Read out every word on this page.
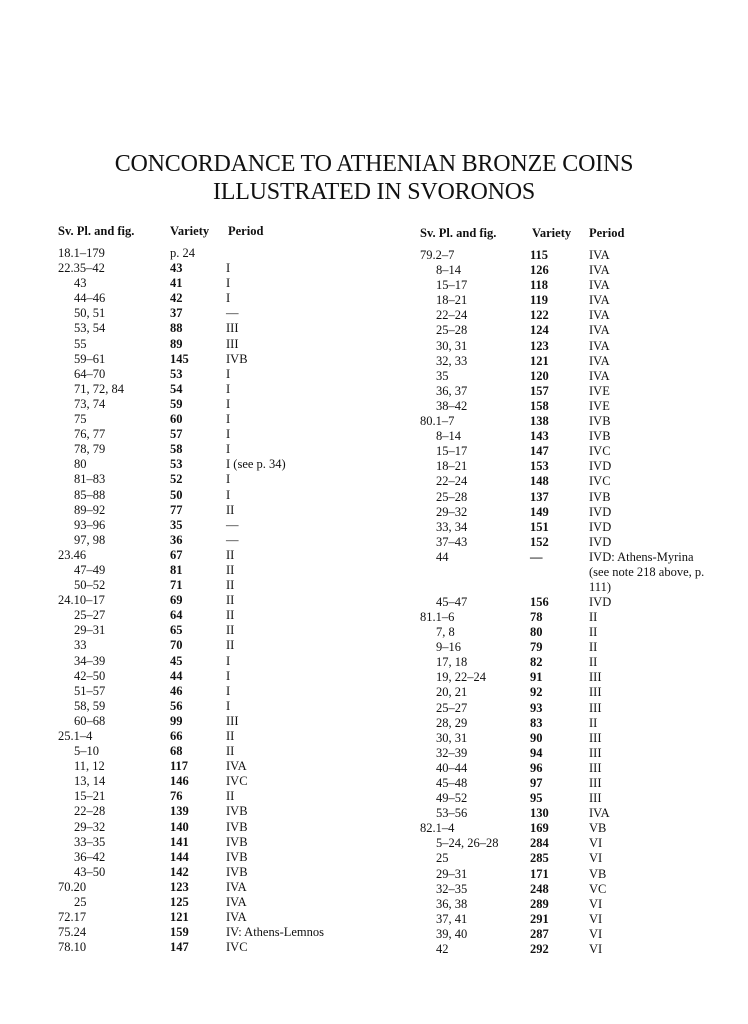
CONCORDANCE TO ATHENIAN BRONZE COINS
ILLUSTRATED IN SVORONOS
Sv. Pl. and fig.	Variety Period
18.1–179	p. 24
22.35–42	43	I
43	41	I
44–46	42	I
50, 51	37	—
53, 54	88	III
55	89	III
59–61	145	IVB
64–70	53	I
71, 72, 84	54	I
73, 74	59	I
75	60	I
76, 77	57	I
78, 79	58	I
80	53	I (see p. 34)
81–83	52	I
85–88	50	I
89–92	77	II
93–96	35	—
97, 98	36	—
23.46	67	II
47–49	81	II
50–52	71	II
24.10–17	69	II
25–27	64	II
29–31	65	II
33	70	II
34–39	45	I
42–50	44	I
51–57	46	I
58, 59	56	I
60–68	99	III
25.1–4	66	II
5–10	68	II
11, 12	117	IVA
13, 14	146	IVC
15–21	76	II
22–28	139	IVB
29–32	140	IVB
33–35	141	IVB
36–42	144	IVB
43–50	142	IVB
70.20	123	IVA
25	125	IVA
72.17	121	IVA
75.24	159	IV: Athens-Lemnos
78.10	147	IVC
Sv. Pl. and fig.	Variety Period
79.2–7	115	IVA
8–14	126	IVA
15–17	118	IVA
18–21	119	IVA
22–24	122	IVA
25–28	124	IVA
30, 31	123	IVA
32, 33	121	IVA
35	120	IVA
36, 37	157	IVE
38–42	158	IVE
80.1–7	138	IVB
8–14	143	IVB
15–17	147	IVC
18–21	153	IVD
22–24	148	IVC
25–28	137	IVB
29–32	149	IVD
33, 34	151	IVD
37–43	152	IVD
44	—	IVD: Athens-Myrina (see note 218 above, p. 111)
45–47	156	IVD
81.1–6	78	II
7, 8	80	II
9–16	79	II
17, 18	82	II
19, 22–24	91	III
20, 21	92	III
25–27	93	III
28, 29	83	II
30, 31	90	III
32–39	94	III
40–44	96	III
45–48	97	III
49–52	95	III
53–56	130	IVA
82.1–4	169	VB
5–24, 26–28	284	VI
25	285	VI
29–31	171	VB
32–35	248	VC
36, 38	289	VI
37, 41	291	VI
39, 40	287	VI
42	292	VI
